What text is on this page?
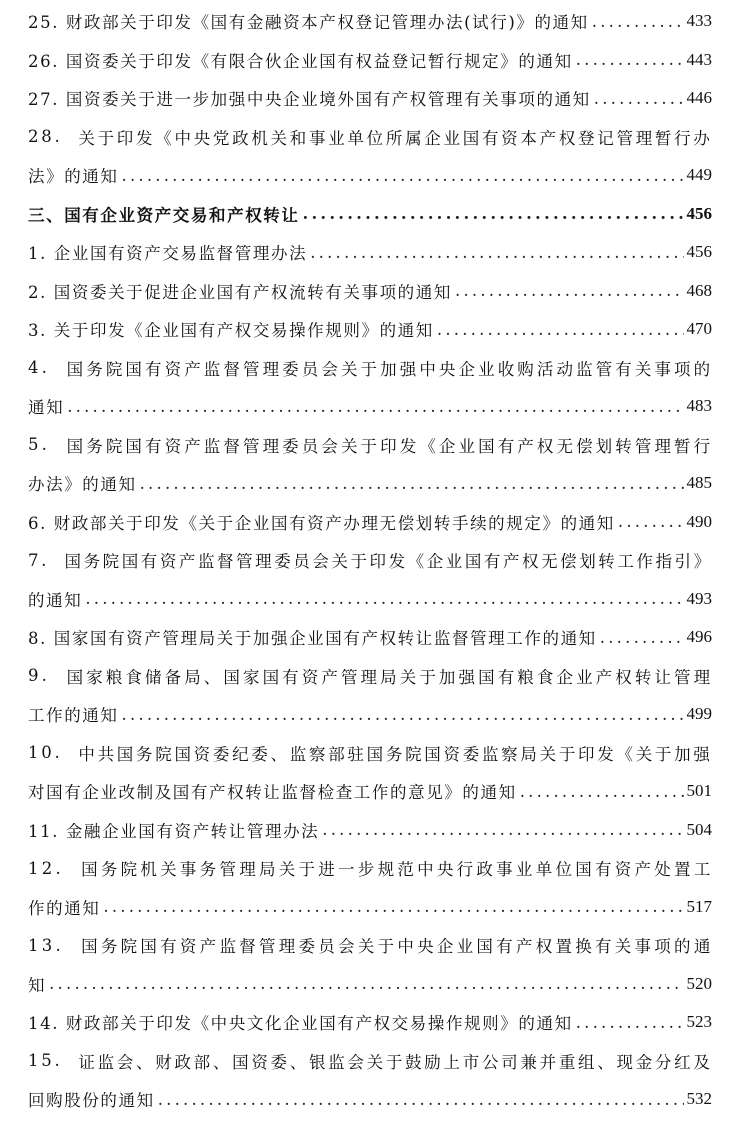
25. 财政部关于印发《国有金融资本产权登记管理办法(试行)》的通知 .....	433
26. 国资委关于印发《有限合伙企业国有权益登记暂行规定》的通知 .....	443
27. 国资委关于进一步加强中央企业境外国有产权管理有关事项的通知 .....	446
2 8 .

关 于 印 发 《 中 央 党 政 机 关 和 事 业 单 位 所 属 企 业 国 有 资 本 产 权 登 记 管 理 暂 行 办
法》的通知 .....	449
三、国有企业资产交易和产权转让 .....	456
1. 企业国有资产交易监督管理办法 .....	456
2. 国资委关于促进企业国有产权流转有关事项的通知 .....	468
3. 关于印发《企业国有产权交易操作规则》的通知 .....	470
4 .

国 务 院 国 有 资 产 监 督 管 理 委 员 会 关 于 加 强 中 央 企 业 收 购 活 动 监 管 有 关 事 项 的
通知 .....	483
5 .

国 务 院 国 有 资 产 监 督 管 理 委 员 会 关 于 印 发 《 企 业 国 有 产 权 无 偿 划 转 管 理 暂 行
办法》的通知 .....	485
6. 财政部关于印发《关于企业国有资产办理无偿划转手续的规定》的通知 .....	490
7 .

国 务 院 国 有 资 产 监 督 管 理 委 员 会 关 于 印 发 《 企 业 国 有 产 权 无 偿 划 转 工 作 指 引 》
的通知 .....	493
8. 国家国有资产管理局关于加强企业国有产权转让监督管理工作的通知 .....	496
9 .

国 家 粮 食 储 备 局 、 国 家 国 有 资 产 管 理 局 关 于 加 强 国 有 粮 食 企 业 产 权 转 让 管 理
工作的通知 .....	499
1 0 .

中 共 国 务 院 国 资 委 纪 委 、 监 察 部 驻 国 务 院 国 资 委 监 察 局 关 于 印 发 《 关 于 加 强
对国有企业改制及国有产权转让监督检查工作的意见》的通知 .....	501
11. 金融企业国有资产转让管理办法 .....	504
1 2 .

国 务 院 机 关 事 务 管 理 局 关 于 进 一 步 规 范 中 央 行 政 事 业 单 位 国 有 资 产 处 置 工
作的通知 .....	517
1 3 .

国 务 院 国 有 资 产 监 督 管 理 委 员 会 关 于 中 央 企 业 国 有 产 权 置 换 有 关 事 项 的 通
知 .....	520
14. 财政部关于印发《中央文化企业国有产权交易操作规则》的通知 .....	523
1 5 .

证 监 会 、 财 政 部 、 国 资 委 、 银 监 会 关 于 鼓 励 上 市 公 司 兼 并 重 组 、 现 金 分 红 及
回购股份的通知 .....	532
